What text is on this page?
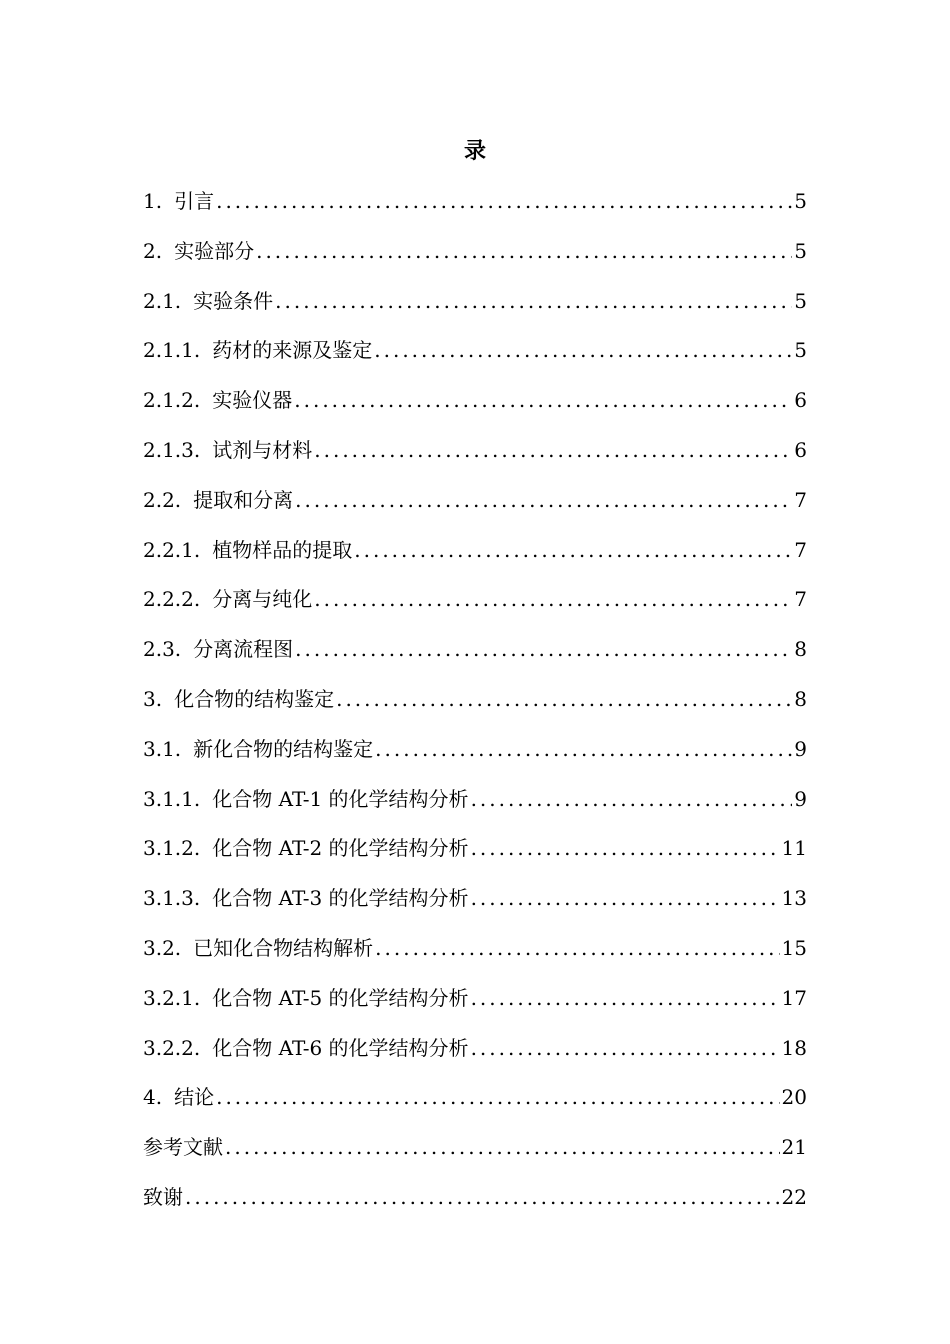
录
1. 引言 .....	5
2. 实验部分 .....	5
2.1. 实验条件 .....	5
2.1.1. 药材的来源及鉴定 .....	5
2.1.2. 实验仪器 .....	6
2.1.3. 试剂与材料 .....	6
2.2. 提取和分离 .....	7
2.2.1. 植物样品的提取 .....	7
2.2.2. 分离与纯化 .....	7
2.3. 分离流程图 .....	8
3. 化合物的结构鉴定 .....	8
3.1. 新化合物的结构鉴定 .....	9
3.1.1. 化合物 AT-1 的化学结构分析 .....	9
3.1.2. 化合物 AT-2 的化学结构分析 .....	11
3.1.3. 化合物 AT-3 的化学结构分析 .....	13
3.2. 已知化合物结构解析 .....	15
3.2.1. 化合物 AT-5 的化学结构分析 .....	17
3.2.2. 化合物 AT-6 的化学结构分析 .....	18
4. 结论 .....	20
参考文献 .....	21
致谢 .....	22
